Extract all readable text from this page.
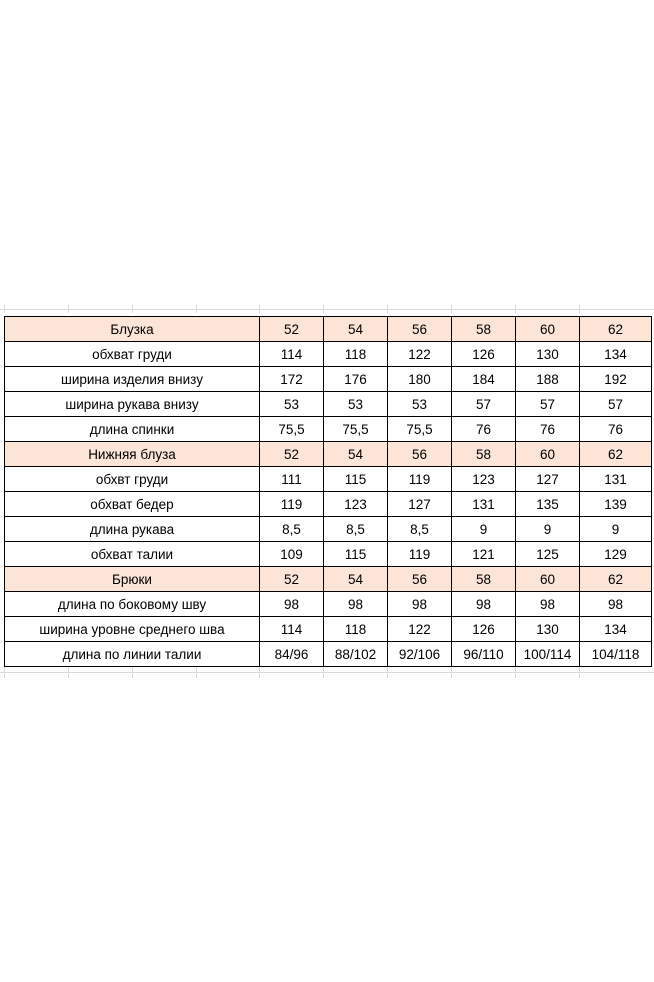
Блузка	52	54	56	58	60	62
обхват груди	114	118	122	126	130	134
ширина изделия внизу	172	176	180	184	188	192
ширина рукава внизу	53	53	53	57	57	57
длина спинки	75,5	75,5	75,5	76	76	76
Нижняя блуза	52	54	56	58	60	62
обхвт груди	111	115	119	123	127	131
обхват бедер	119	123	127	131	135	139
длина рукава	8,5	8,5	8,5	9	9	9
обхват талии	109	115	119	121	125	129
Брюки	52	54	56	58	60	62
длина по боковому шву	98	98	98	98	98	98
ширина уровне среднего шва	114	118	122	126	130	134
длина по линии талии	84/96	88/102	92/106	96/110	100/114	104/118
